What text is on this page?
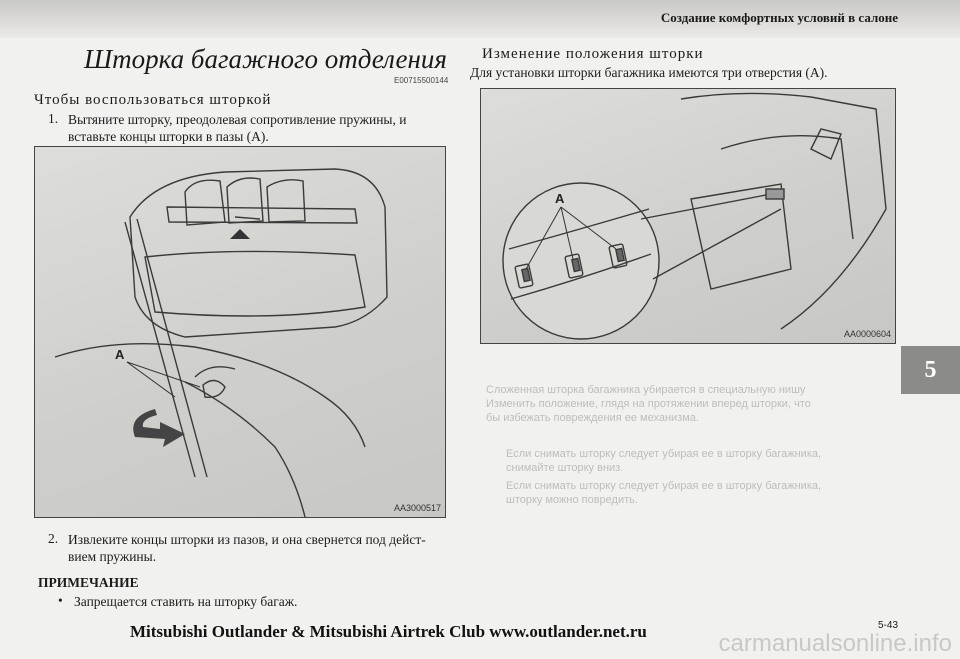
Создание комфортных условий в салоне
Шторка багажного отделения
E00715500144
Чтобы воспользоваться шторкой
1. Вытяните шторку, преодолевая сопротивление пружины, и
вставьте концы шторки в пазы (A).
A
AA3000517
2. Извлеките концы шторки из пазов, и она свернется под дейст-
вием пружины.
ПРИМЕЧАНИЕ
• Запрещается ставить на шторку багаж.
Изменение положения шторки
Для установки шторки багажника имеются три отверстия (A).
A
AA0000604
Сложенная шторка багажника убирается в специальную нишу
Изменить положение, глядя на протяжении вперед шторки, что
бы избежать повреждения ее механизма.
Если снимать шторку следует убирая ее в шторку багажника,
снимайте шторку вниз.
Если снимать шторку следует убирая ее в шторку багажника,
шторку можно повредить.
5
5-43
Mitsubishi Outlander & Mitsubishi Airtrek Club www.outlander.net.ru	carmanualsonline.info
